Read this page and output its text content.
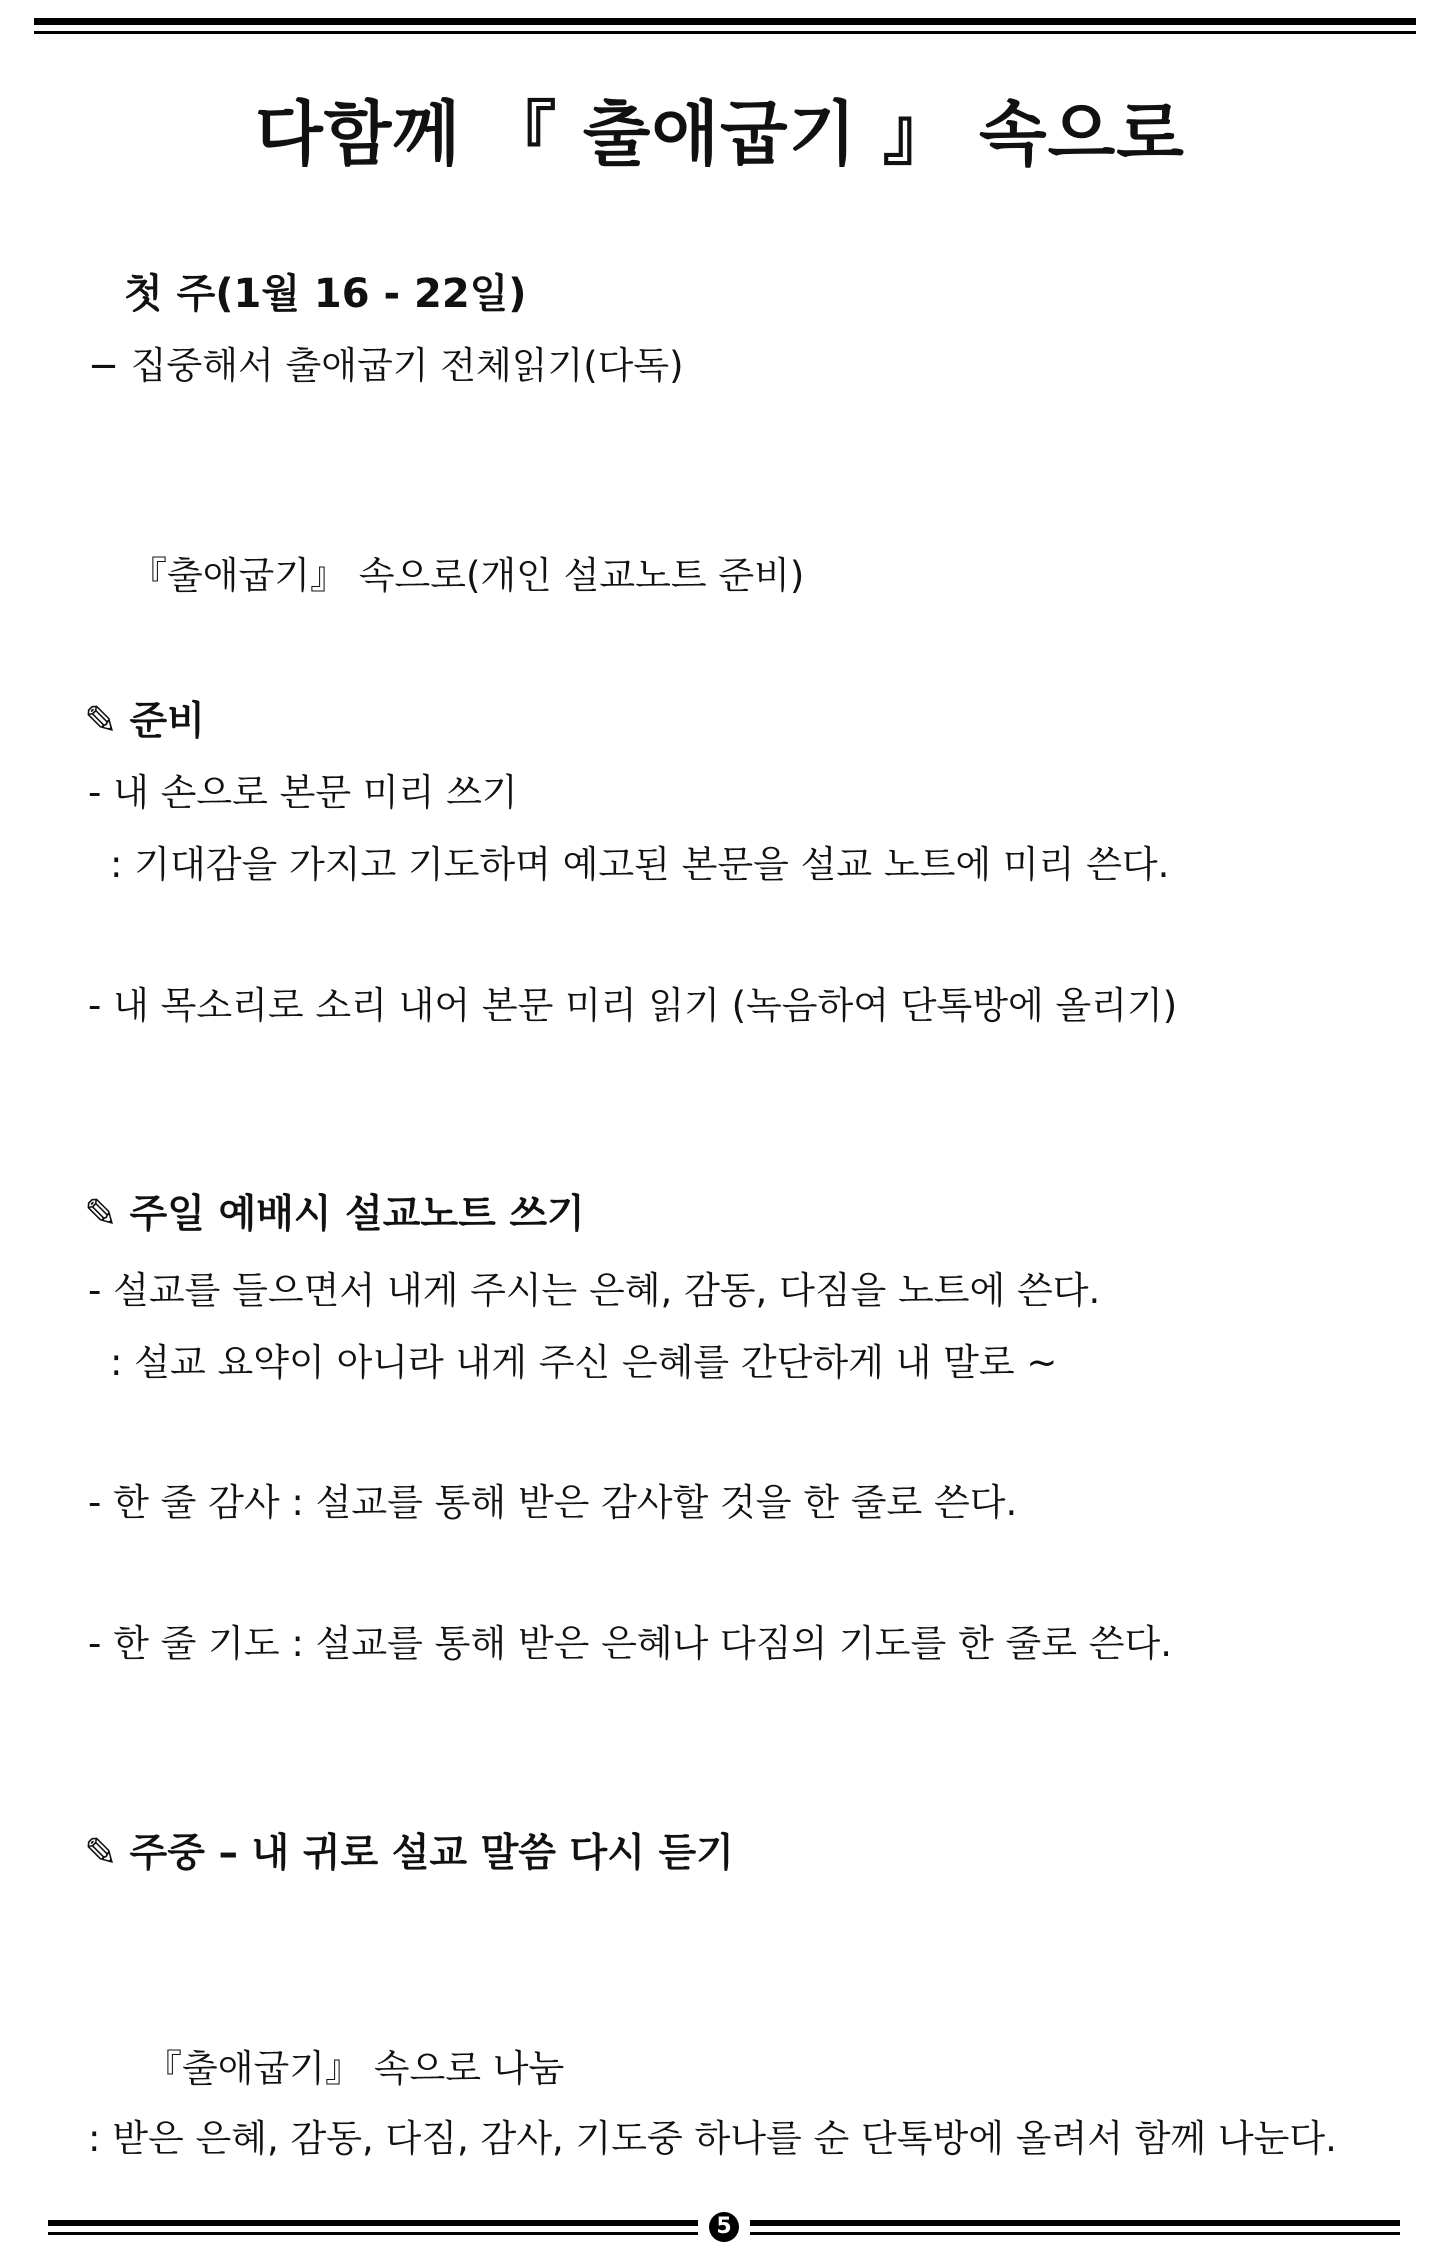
다함께 『 출애굽기 』 속으로
첫 주(1월 16 - 22일)
− 집중해서 출애굽기 전체읽기(다독)
『출애굽기』 속으로(개인 설교노트 준비)
✎ 준비
- 내 손으로 본문 미리 쓰기
: 기대감을 가지고 기도하며 예고된 본문을 설교 노트에 미리 쓴다.
- 내 목소리로 소리 내어 본문 미리 읽기 (녹음하여 단톡방에 올리기)
✎ 주일 예배시 설교노트 쓰기
- 설교를 들으면서 내게 주시는 은혜, 감동, 다짐을 노트에 쓴다.
: 설교 요약이 아니라 내게 주신 은혜를 간단하게 내 말로 ~
- 한 줄 감사 : 설교를 통해 받은 감사할 것을 한 줄로 쓴다.
- 한 줄 기도 : 설교를 통해 받은 은혜나 다짐의 기도를 한 줄로 쓴다.
✎ 주중 – 내 귀로 설교 말씀 다시 듣기
『출애굽기』 속으로 나눔
: 받은 은혜, 감동, 다짐, 감사, 기도중 하나를 순 단톡방에 올려서 함께 나눈다.
5
